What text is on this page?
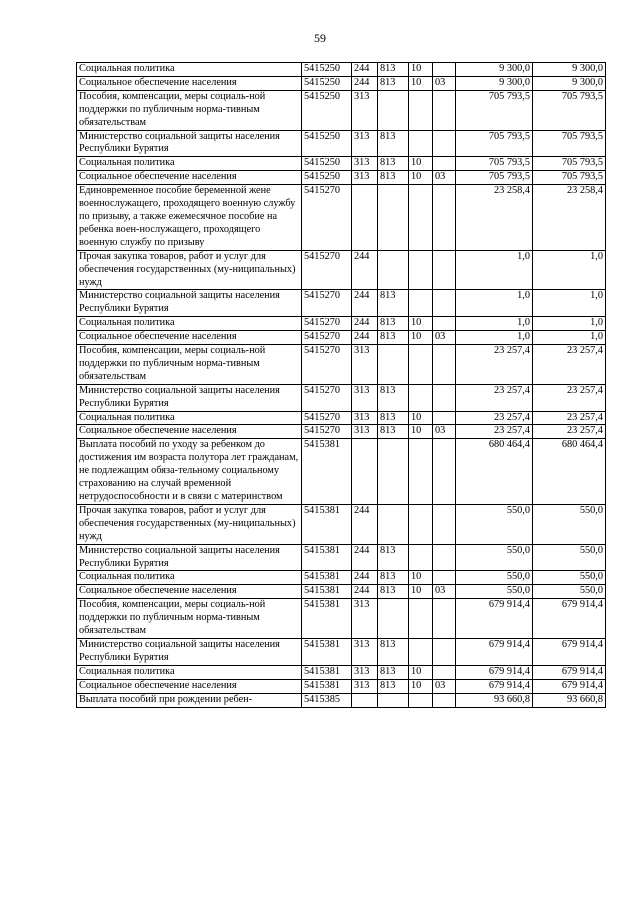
59
Социальная политика	5415250	244	813	10		9 300,0	9 300,0
Социальное обеспечение населения	5415250	244	813	10	03	9 300,0	9 300,0
Пособия, компенсации, меры социаль-ной поддержки по публичным норма-тивным обязательствам	5415250	313				705 793,5	705 793,5
Министерство социальной защиты населения Республики Бурятия	5415250	313	813			705 793,5	705 793,5
Социальная политика	5415250	313	813	10		705 793,5	705 793,5
Социальное обеспечение населения	5415250	313	813	10	03	705 793,5	705 793,5
Единовременное пособие беременной жене военнослужащего, проходящего военную службу по призыву, а также ежемесячное пособие на ребенка воен-нослужащего, проходящего военную службу по призыву	5415270					23 258,4	23 258,4
Прочая закупка товаров, работ и услуг для обеспечения государственных (му-ниципальных) нужд	5415270	244				1,0	1,0
Министерство социальной защиты населения Республики Бурятия	5415270	244	813			1,0	1,0
Социальная политика	5415270	244	813	10		1,0	1,0
Социальное обеспечение населения	5415270	244	813	10	03	1,0	1,0
Пособия, компенсации, меры социаль-ной поддержки по публичным норма-тивным обязательствам	5415270	313				23 257,4	23 257,4
Министерство социальной защиты населения Республики Бурятия	5415270	313	813			23 257,4	23 257,4
Социальная политика	5415270	313	813	10		23 257,4	23 257,4
Социальное обеспечение населения	5415270	313	813	10	03	23 257,4	23 257,4
Выплата пособий по уходу за ребенком до достижения им возраста полутора лет гражданам, не подлежащим обяза-тельному социальному страхованию на случай временной нетрудоспособности и в связи с материнством	5415381					680 464,4	680 464,4
Прочая закупка товаров, работ и услуг для обеспечения государственных (му-ниципальных) нужд	5415381	244				550,0	550,0
Министерство социальной защиты населения Республики Бурятия	5415381	244	813			550,0	550,0
Социальная политика	5415381	244	813	10		550,0	550,0
Социальное обеспечение населения	5415381	244	813	10	03	550,0	550,0
Пособия, компенсации, меры социаль-ной поддержки по публичным норма-тивным обязательствам	5415381	313				679 914,4	679 914,4
Министерство социальной защиты населения Республики Бурятия	5415381	313	813			679 914,4	679 914,4
Социальная политика	5415381	313	813	10		679 914,4	679 914,4
Социальное обеспечение населения	5415381	313	813	10	03	679 914,4	679 914,4
Выплата пособий при рождении ребен-	5415385					93 660,8	93 660,8
